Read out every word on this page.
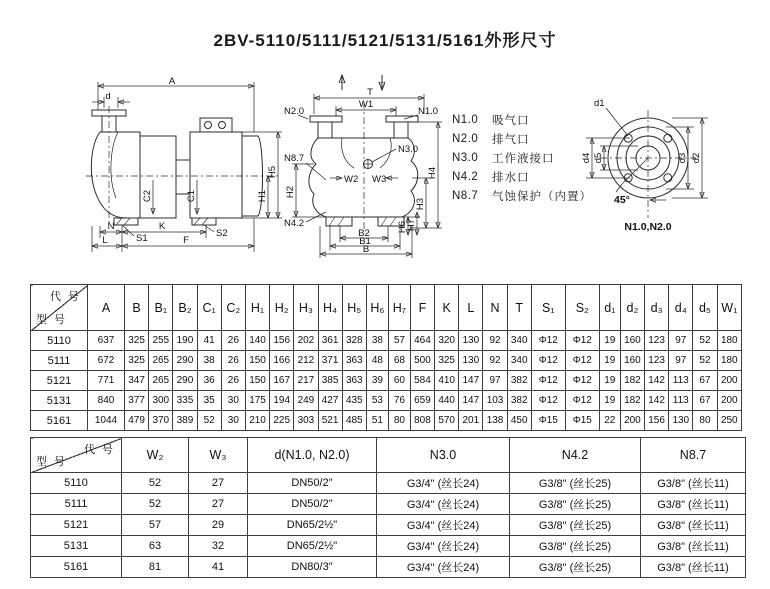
2BV-5110/5111/5121/5131/5161外形尺寸
A
d
C2	C1
H5
H1
S1	S2
N	K
L	F
T
W1
N2.0	N1.0
N3.0
N8.7
W2 W3
H2
H4
H3
H6
H7
N4.2
B2
B1
B
N1.0	吸气口
N2.0	排气口
N3.0	工作液接口
N4.2	排水口
N8.7	气蚀保护（内置）
d1
d4 d5	d3 d2
45°
N1.0,N2.0
代 号
型 号	A	B	B₁	B₂	C₁	C₂	H₁	H₂	H₃	H₄	H₅	H₆	H₇	F	K	L	N	T	S₁	S₂	d₁	d₂	d₃	d₄	d₅	W₁
5110	637	325	255	190	41	26	140	156	202	361	328	38	57	464	320	130	92	340	Φ12	Φ12	19	160	123	97	52	180
5111	672	325	265	290	38	26	150	166	212	371	363	48	68	500	325	130	92	340	Φ12	Φ12	19	160	123	97	52	180
5121	771	347	265	290	36	26	150	167	217	385	363	39	60	584	410	147	97	382	Φ12	Φ12	19	182	142	113	67	200
5131	840	377	300	335	35	30	175	194	249	427	435	53	76	659	440	147	103	382	Φ12	Φ12	19	182	142	113	67	200
5161	1044	479	370	389	52	30	210	225	303	521	485	51	80	808	570	201	138	450	Φ15	Φ15	22	200	156	130	80	250
代 号
型 号	W₂	W₃	d(N1.0, N2.0)	N3.0	N4.2	N8.7
5110	52	27	DN50/2"	G3/4" (丝长24)	G3/8" (丝长25)	G3/8" (丝长11)
5111	52	27	DN50/2"	G3/4" (丝长24)	G3/8" (丝长25)	G3/8" (丝长11)
5121	57	29	DN65/2½"	G3/4" (丝长24)	G3/8" (丝长25)	G3/8" (丝长11)
5131	63	32	DN65/2½"	G3/4" (丝长24)	G3/8" (丝长25)	G3/8" (丝长11)
5161	81	41	DN80/3"	G3/4" (丝长24)	G3/8" (丝长25)	G3/8" (丝长11)
